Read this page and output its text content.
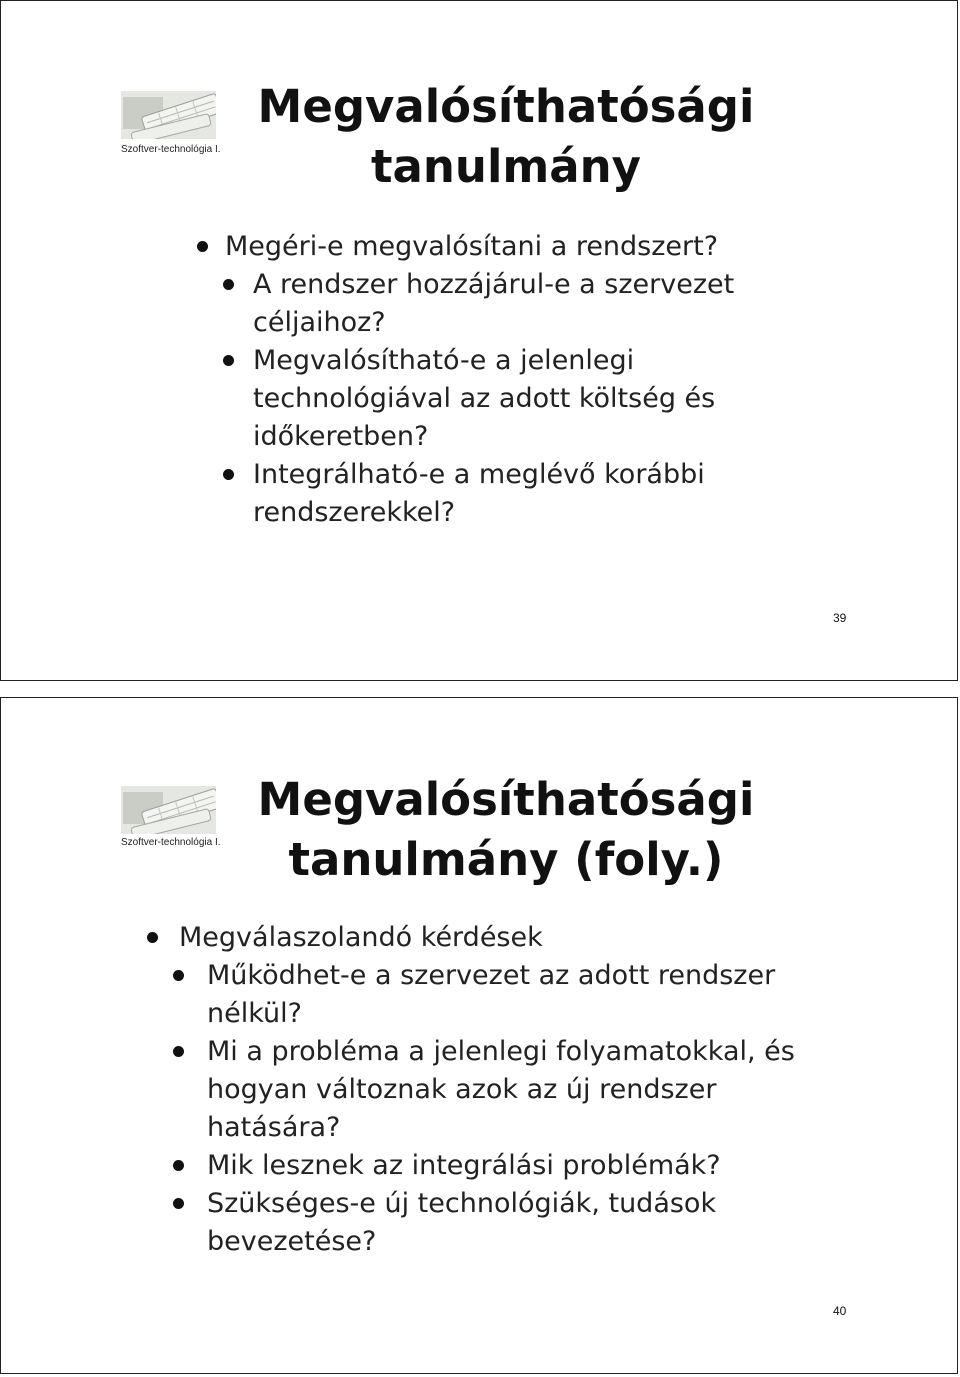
Szoftver-technológia I.
Megvalósíthatósági
tanulmány
Megéri-e megvalósítani a rendszert?
A rendszer hozzájárul-e a szervezet céljaihoz?
Megvalósítható-e a jelenlegi technológiával az adott költség és időkeretben?
Integrálható-e a meglévő korábbi rendszerekkel?
39
Szoftver-technológia I.
Megvalósíthatósági
tanulmány (foly.)
Megválaszolandó kérdések
Működhet-e a szervezet az adott rendszer nélkül?
Mi a probléma a jelenlegi folyamatokkal, és hogyan változnak azok az új rendszer hatására?
Mik lesznek az integrálási problémák?
Szükséges-e új technológiák, tudások bevezetése?
40
